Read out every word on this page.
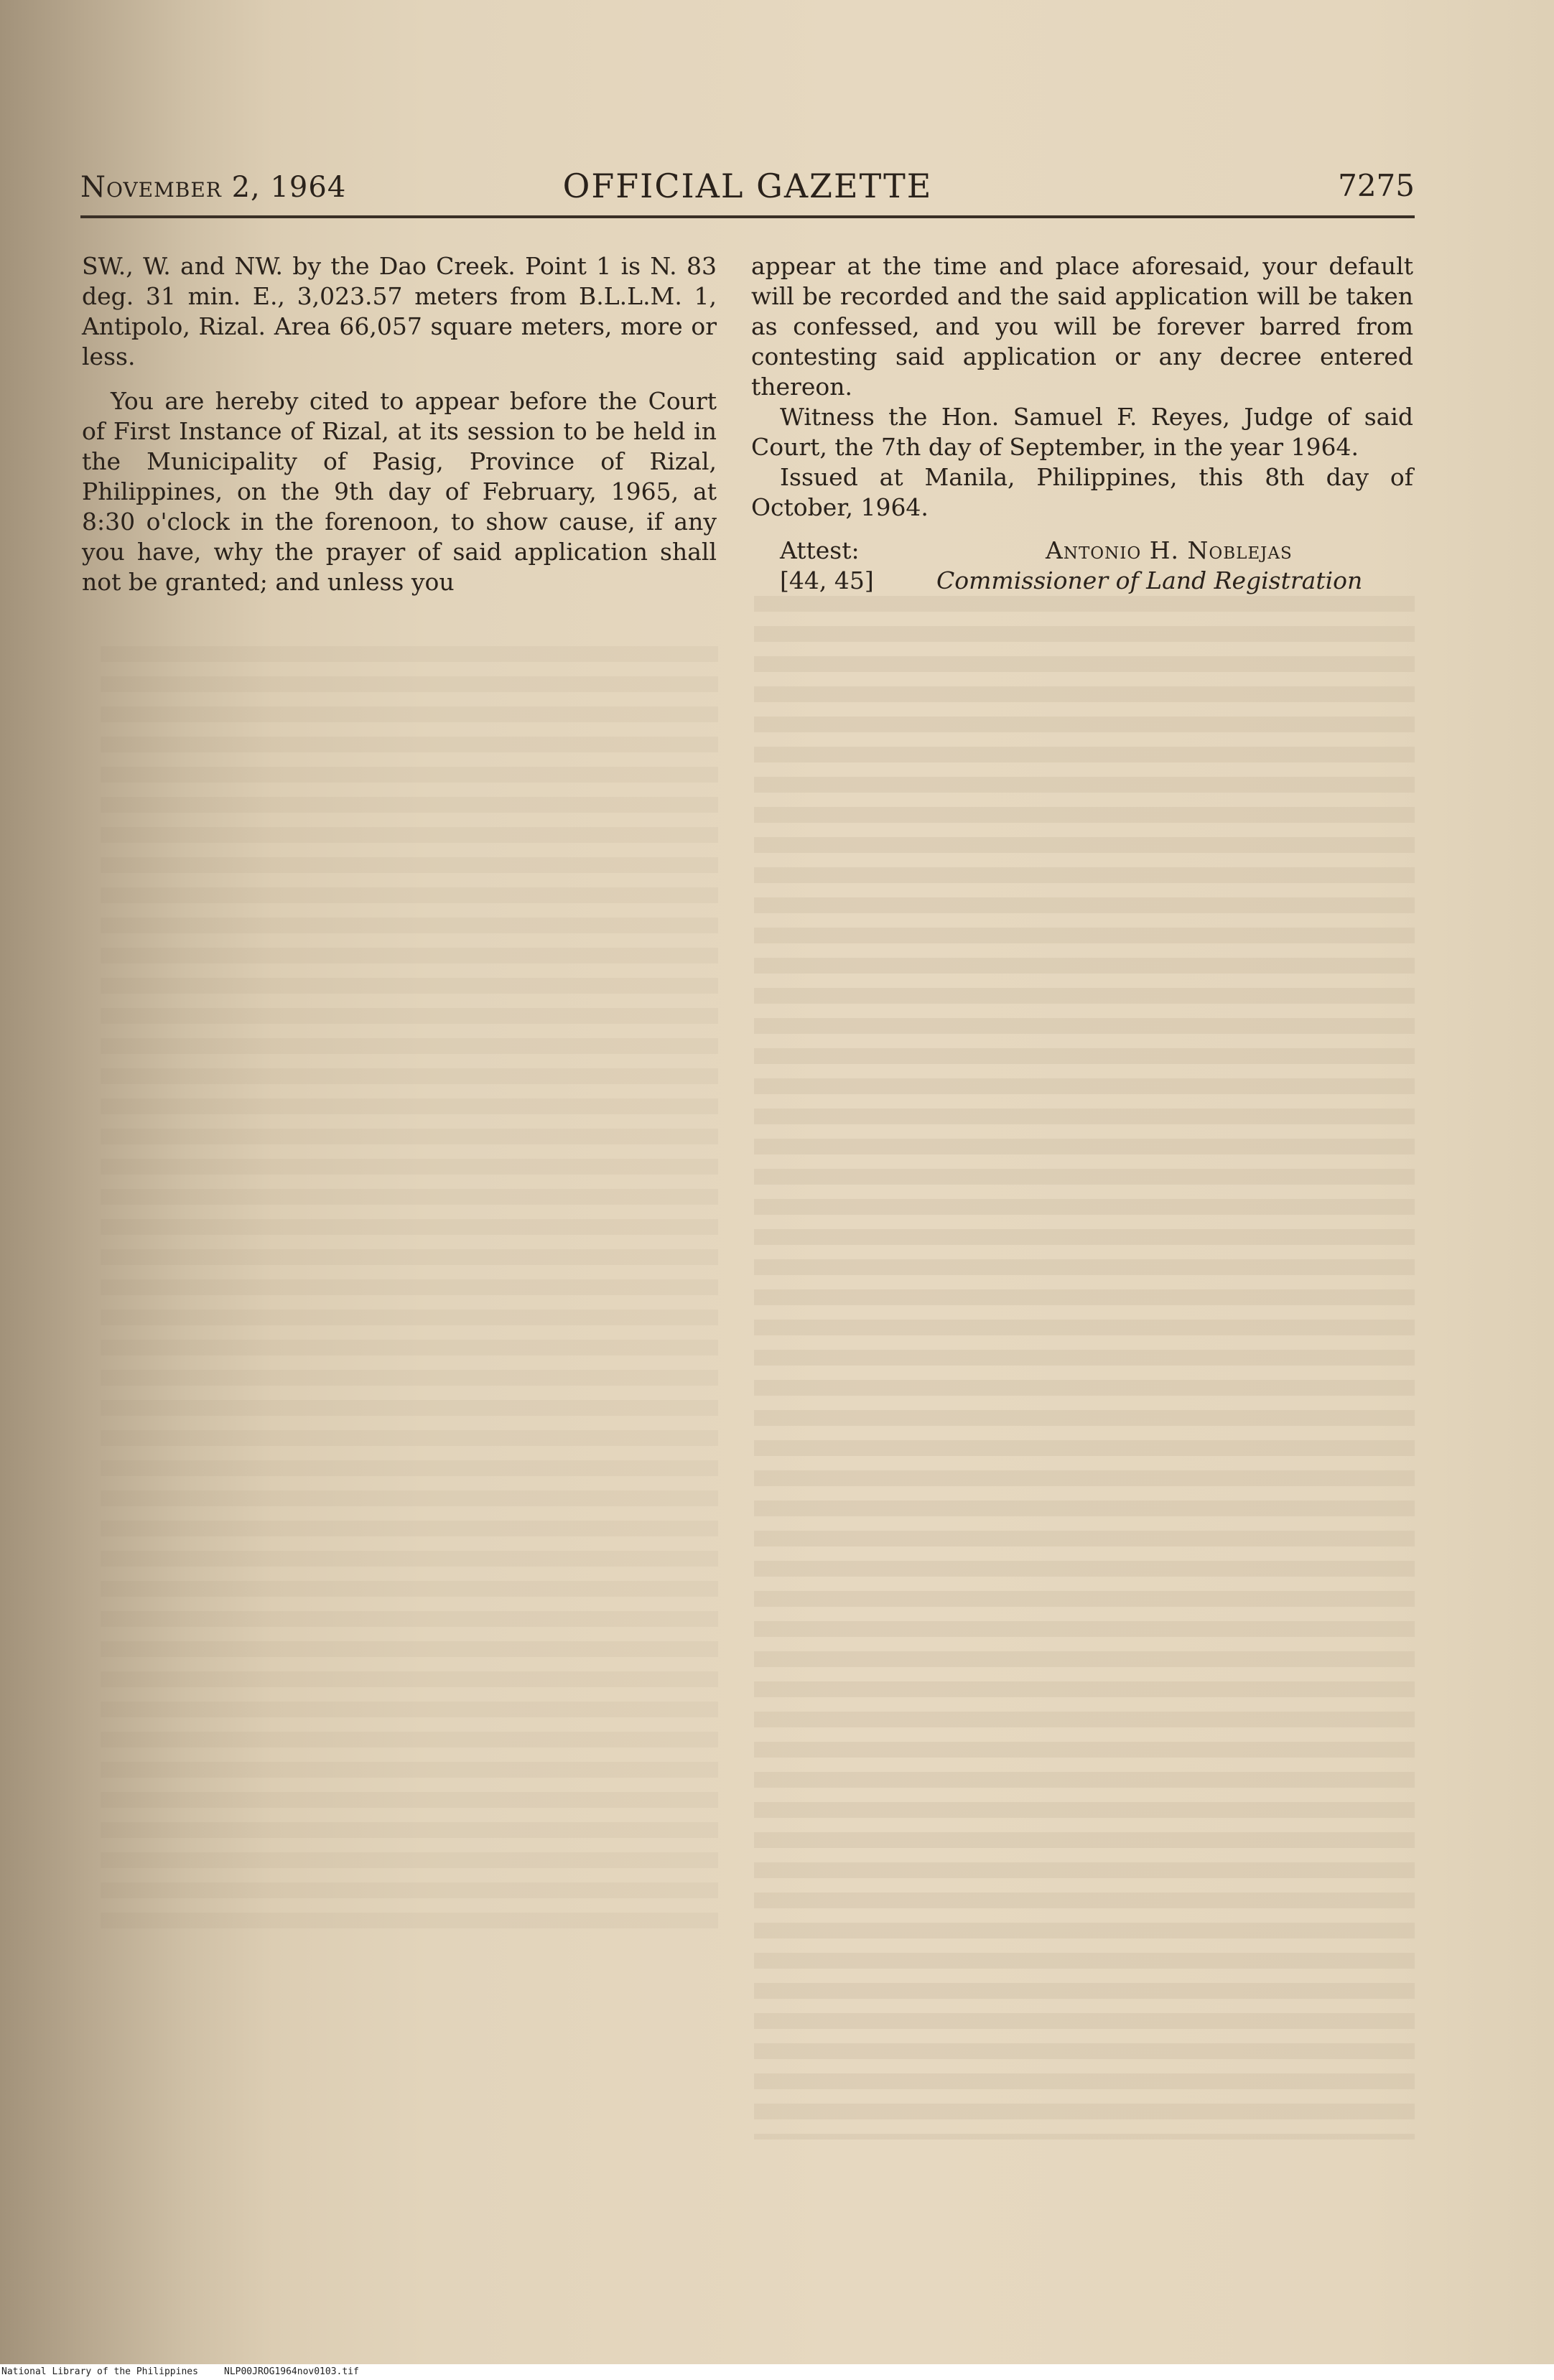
November 2, 1964	OFFICIAL GAZETTE	7275

SW., W. and NW. by the Dao Creek. Point 1 is N. 83 deg. 31 min. E., 3,023.57 meters from B.L.L.M. 1, Antipolo, Rizal. Area 66,057 square meters, more or less.

You are hereby cited to appear before the Court of First Instance of Rizal, at its session to be held in the Municipality of Pasig, Province of Rizal, Philippines, on the 9th day of February, 1965, at 8:30 o'clock in the forenoon, to show cause, if any you have, why the prayer of said application shall not be granted; and unless you

appear at the time and place aforesaid, your default will be recorded and the said application will be taken as confessed, and you will be forever barred from contesting said application or any decree entered thereon.

Witness the Hon. Samuel F. Reyes, Judge of said Court, the 7th day of September, in the year 1964.

Issued at Manila, Philippines, this 8th day of October, 1964.

Attest:	Antonio H. Noblejas
[44, 45]	Commissioner of Land Registration
National Library of the Philippines	NLP00JROG1964nov0103.tif
